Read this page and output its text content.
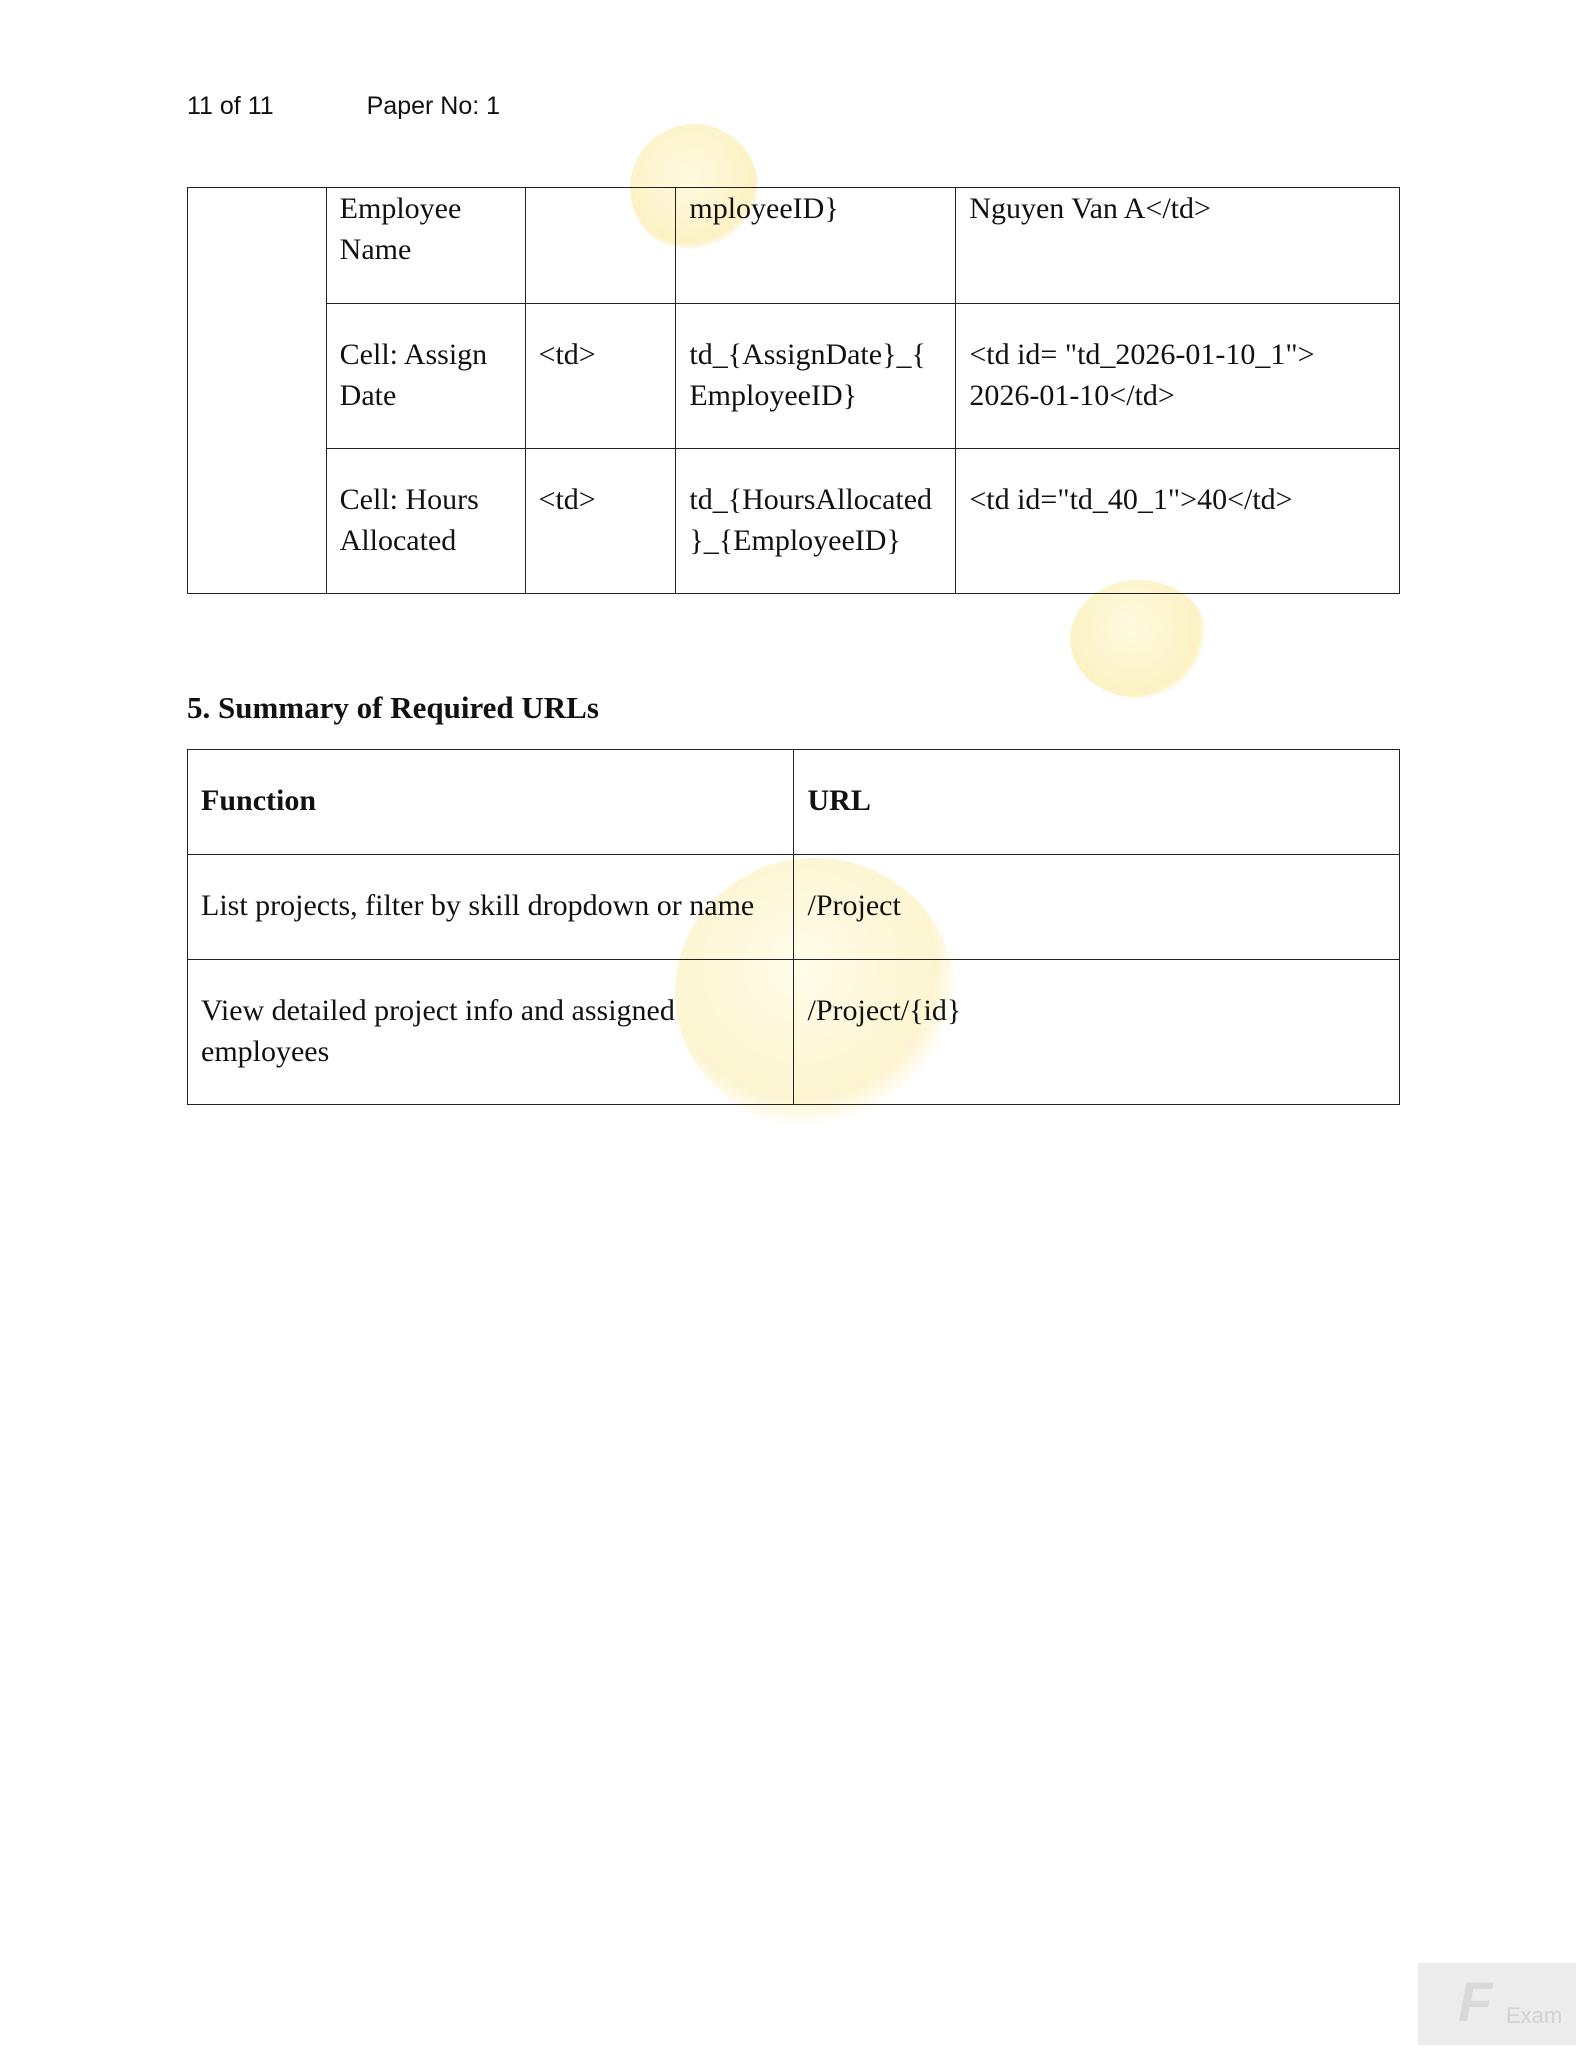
11 of 11	Paper No: 1

	Employee Name		mployeeID}	Nguyen Van A</td>

	Cell: Assign Date	<td>	td_{AssignDate}_{ EmployeeID}	<td id= "td_2026-01-10_1"> 2026-01-10</td>

	Cell: Hours Allocated	<td>	td_{HoursAllocated }_{EmployeeID}	<td id="td_40_1">40</td>
5. Summary of Required URLs
Function	URL

List projects, filter by skill dropdown or name	/Project

View detailed project info and assigned employees	/Project/{id}
F Exam
